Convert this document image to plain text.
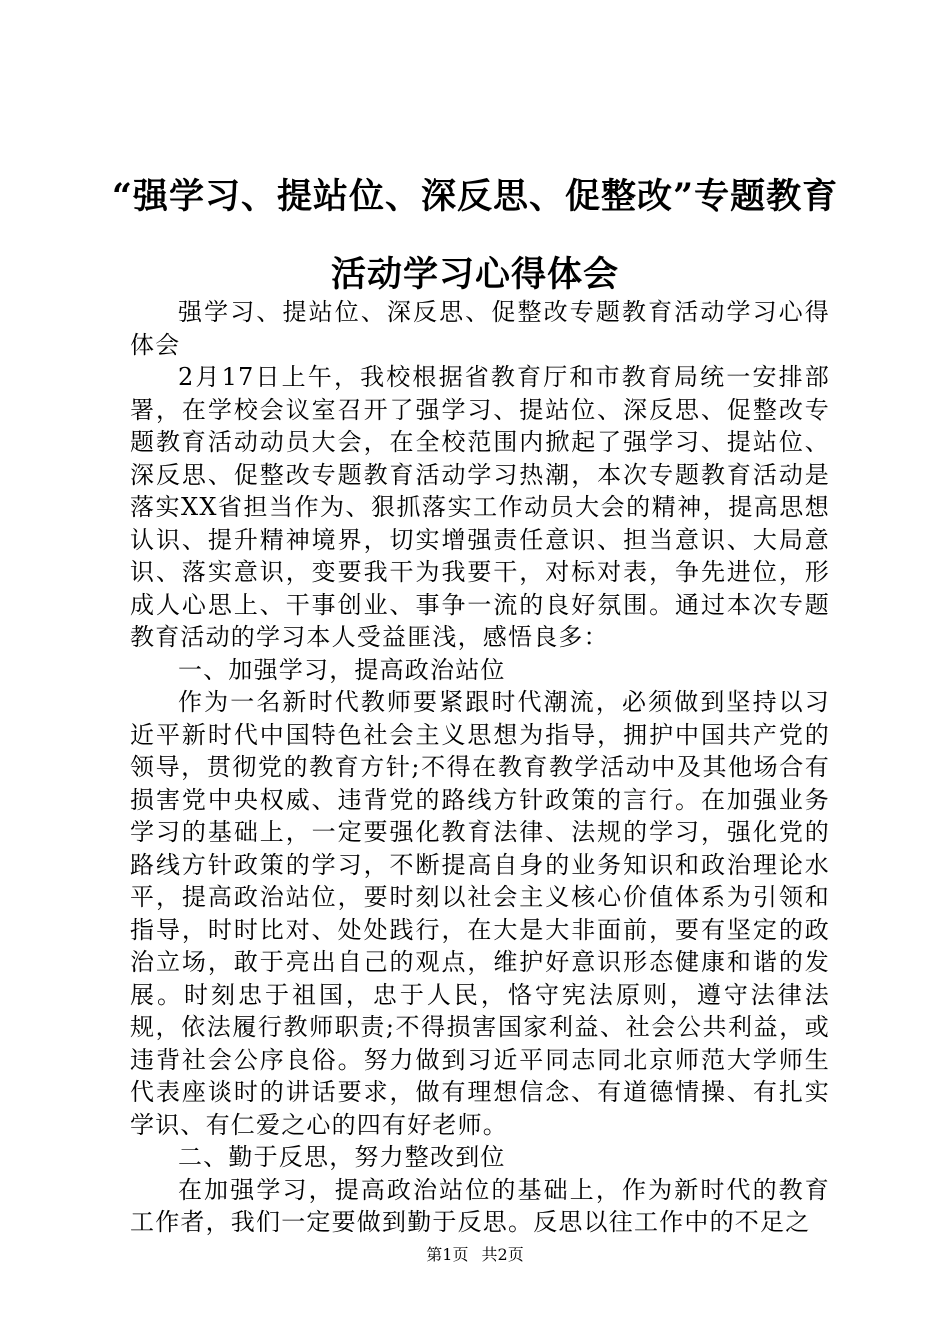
“强学习、提站位、深反思、促整改”专题教育活动学习心得体会

强学习、提站位、深反思、促整改专题教育活动学习心得体会

2月17日上午，我校根据省教育厅和市教育局统一安排部署，在学校会议室召开了强学习、提站位、深反思、促整改专题教育活动动员大会，在全校范围内掀起了强学习、提站位、深反思、促整改专题教育活动学习热潮，本次专题教育活动是落实XX省担当作为、狠抓落实工作动员大会的精神，提高思想认识、提升精神境界，切实增强责任意识、担当意识、大局意识、落实意识，变要我干为我要干，对标对表，争先进位，形成人心思上、干事创业、事争一流的良好氛围。通过本次专题教育活动的学习本人受益匪浅，感悟良多：

一、加强学习，提高政治站位

作为一名新时代教师要紧跟时代潮流，必须做到坚持以习近平新时代中国特色社会主义思想为指导，拥护中国共产党的领导，贯彻党的教育方针;不得在教育教学活动中及其他场合有损害党中央权威、违背党的路线方针政策的言行。在加强业务学习的基础上，一定要强化教育法律、法规的学习，强化党的路线方针政策的学习，不断提高自身的业务知识和政治理论水平，提高政治站位，要时刻以社会主义核心价值体系为引领和指导，时时比对、处处践行，在大是大非面前，要有坚定的政治立场，敢于亮出自己的观点，维护好意识形态健康和谐的发展。时刻忠于祖国，忠于人民，恪守宪法原则，遵守法律法规，依法履行教师职责;不得损害国家利益、社会公共利益，或违背社会公序良俗。努力做到习近平同志同北京师范大学师生代表座谈时的讲话要求，做有理想信念、有道德情操、有扎实学识、有仁爱之心的四有好老师。

二、勤于反思，努力整改到位

在加强学习，提高政治站位的基础上，作为新时代的教育工作者，我们一定要做到勤于反思。反思以往工作中的不足之

第1页 共2页
